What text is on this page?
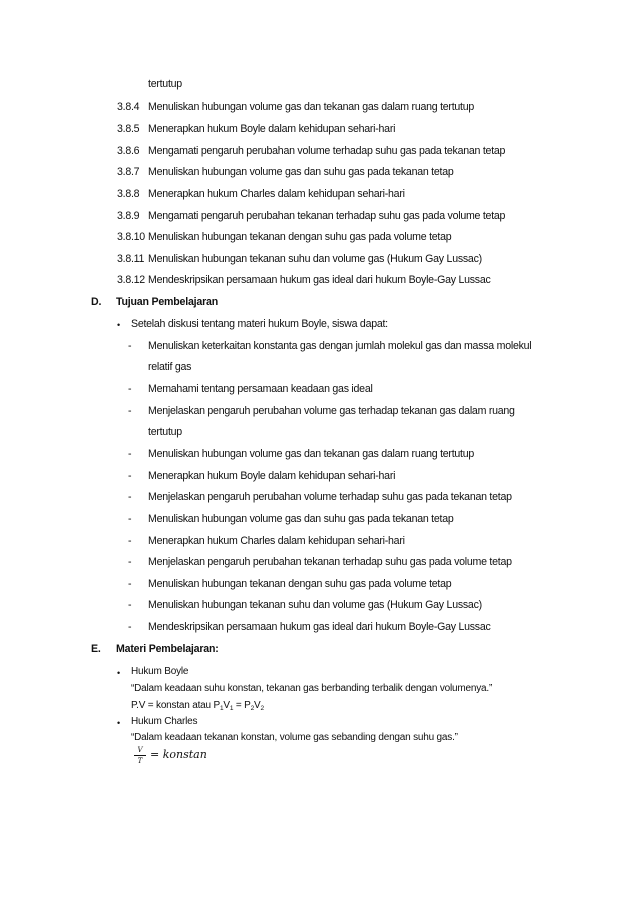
tertutup
3.8.4 Menuliskan hubungan volume gas dan tekanan gas dalam ruang tertutup
3.8.5 Menerapkan hukum Boyle dalam kehidupan sehari-hari
3.8.6 Mengamati pengaruh perubahan volume terhadap suhu gas pada tekanan tetap
3.8.7 Menuliskan hubungan volume gas dan suhu gas pada tekanan tetap
3.8.8 Menerapkan hukum Charles dalam kehidupan sehari-hari
3.8.9 Mengamati pengaruh perubahan tekanan terhadap suhu gas pada volume tetap
3.8.10 Menuliskan hubungan tekanan dengan suhu gas pada volume tetap
3.8.11 Menuliskan hubungan tekanan suhu dan volume gas (Hukum Gay Lussac)
3.8.12 Mendeskripsikan persamaan hukum gas ideal dari hukum Boyle-Gay Lussac
D. Tujuan Pembelajaran
• Setelah diskusi tentang materi hukum Boyle, siswa dapat:
- Menuliskan keterkaitan konstanta gas dengan jumlah molekul gas dan massa molekul
relatif gas
- Memahami tentang persamaan keadaan gas ideal
- Menjelaskan pengaruh perubahan volume gas terhadap tekanan gas dalam ruang
tertutup
- Menuliskan hubungan volume gas dan tekanan gas dalam ruang tertutup
- Menerapkan hukum Boyle dalam kehidupan sehari-hari
- Menjelaskan pengaruh perubahan volume terhadap suhu gas pada tekanan tetap
- Menuliskan hubungan volume gas dan suhu gas pada tekanan tetap
- Menerapkan hukum Charles dalam kehidupan sehari-hari
- Menjelaskan pengaruh perubahan tekanan terhadap suhu gas pada volume tetap
- Menuliskan hubungan tekanan dengan suhu gas pada volume tetap
- Menuliskan hubungan tekanan suhu dan volume gas (Hukum Gay Lussac)
- Mendeskripsikan persamaan hukum gas ideal dari hukum Boyle-Gay Lussac
E. Materi Pembelajaran:
• Hukum Boyle
“Dalam keadaan suhu konstan, tekanan gas berbanding terbalik dengan volumenya.”
P.V = konstan atau $P_1V_1 = P_2V_2$
• Hukum Charles
“Dalam keadaan tekanan konstan, volume gas sebanding dengan suhu gas.”
V
T = konstan
